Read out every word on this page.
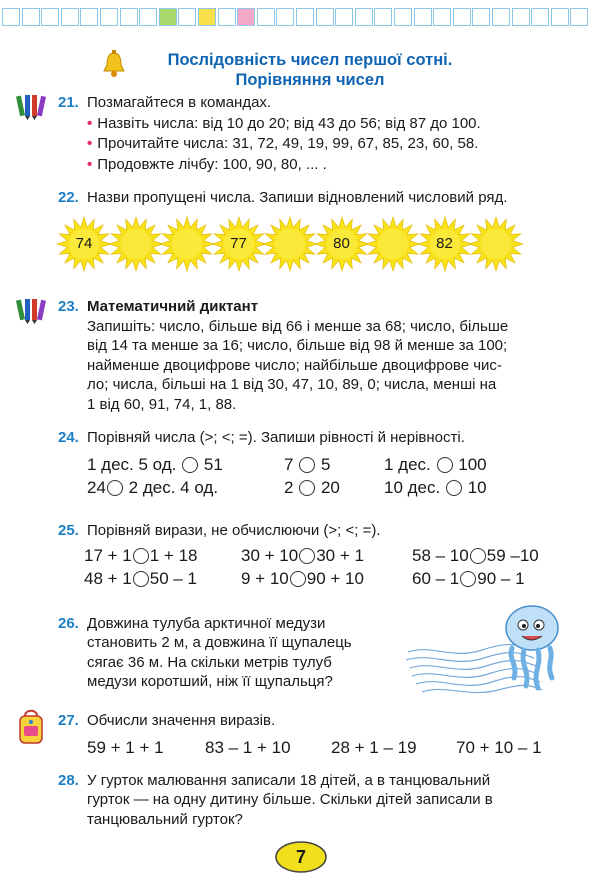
Послідовність чисел першої сотні.
Порівняння чисел
21. Позмагайтеся в командах.
• Назвіть числа: від 10 до 20; від 43 до 56; від 87 до 100.
• Прочитайте числа: 31, 72, 49, 19, 99, 67, 85, 23, 60, 58.
• Продовжте лічбу: 100, 90, 80, ... .
22. Назви пропущені числа. Запиши відновлений числовий ряд.
74	77	80	82
23. Математичний диктант
Запишіть: число, більше від 66 і менше за 68; число, більше
від 14 та менше за 16; число, більше від 98 й менше за 100;
найменше двоцифрове число; найбільше двоцифрове чис-
ло; числа, більші на 1 від 30, 47, 10, 89, 0; числа, менші на
1 від 60, 91, 74, 1, 88.
24. Порівняй числа (>; <; =). Запиши рівності й нерівності.
1 дес. 5 од. 51	7 5	1 дес. 100
24 2 дес. 4 од.	2 20	10 дес. 10
25. Порівняй вирази, не обчислюючи (>; <; =).
17 + 1 1 + 18	30 + 10 30 + 1	58 – 10 59 –10
48 + 1 50 – 1	9 + 10 90 + 10	60 – 1 90 – 1
26. Довжина тулуба арктичної медузи
становить 2 м, а довжина її щупалець
сягає 36 м. На скільки метрів тулуб
медузи коротший, ніж її щупальця?
27. Обчисли значення виразів.
59 + 1 + 1 83 – 1 + 10 28 + 1 – 19 70 + 10 – 1
28. У гурток малювання записали 18 дітей, а в танцювальний
гурток — на одну дитину більше. Скільки дітей записали в
танцювальний гурток?
7
